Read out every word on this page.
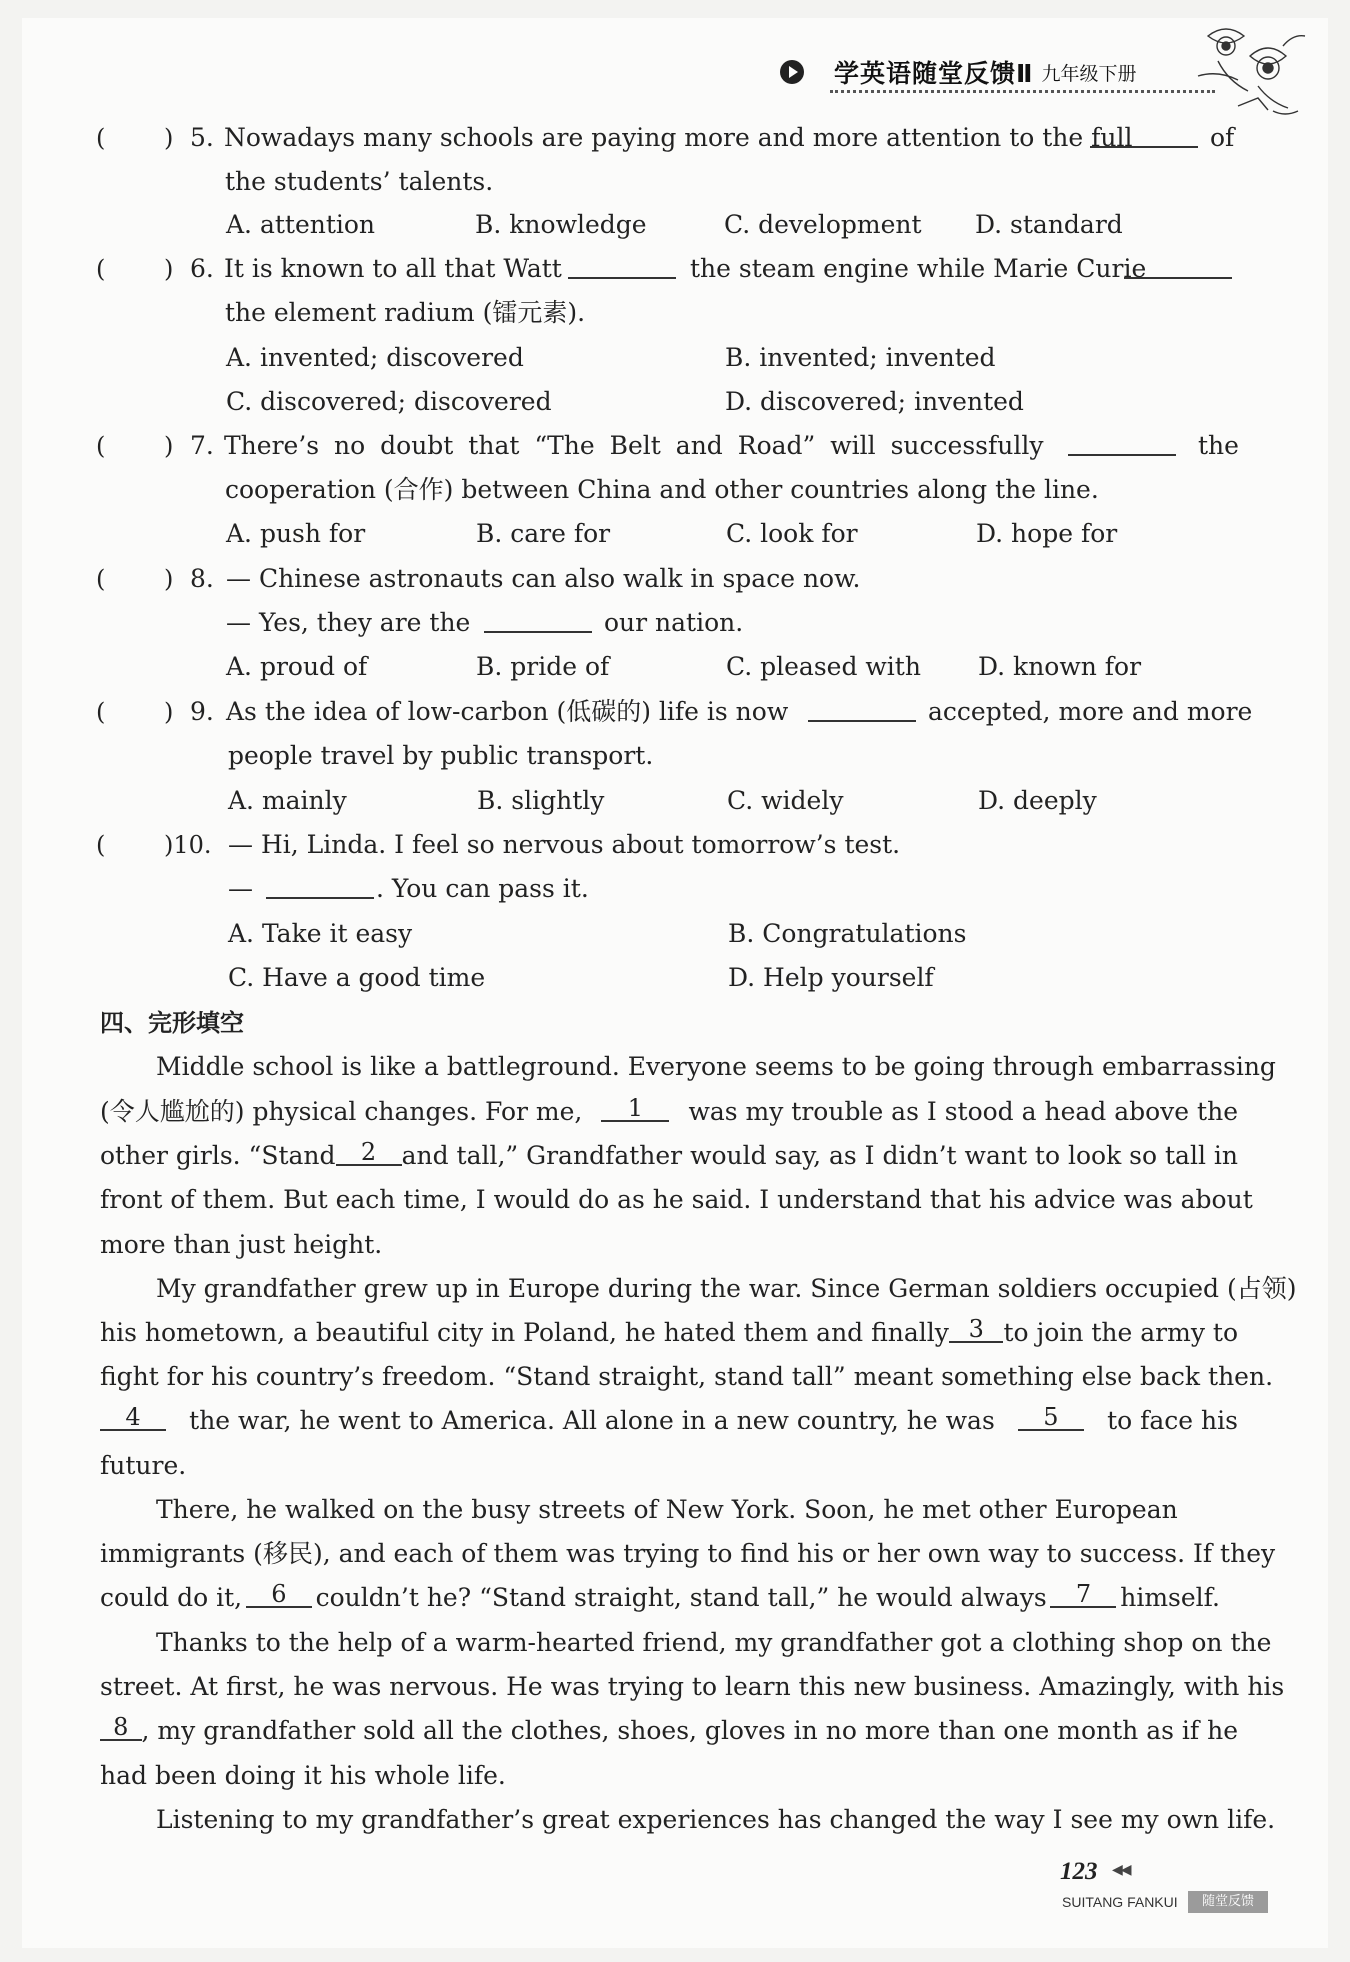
学英语随堂反馈Ⅱ 九年级下册
( ) 5. Nowadays many schools are paying more and more attention to the full	of
the students’ talents.
A. attention	B. knowledge	C. development D. standard
( ) 6. It is known to all that Watt	the steam engine while Marie Curie
the element radium (镭元素).
A. invented; discovered	B. invented; invented
C. discovered; discovered	D. discovered; invented
( ) 7. There’s no doubt that “The Belt and Road” will successfully	the
cooperation (合作) between China and other countries along the line.
A. push for	B. care for	C. look for	D. hope for
( ) 8. — Chinese astronauts can also walk in space now.
— Yes, they are the	our nation.
A. proud of	B. pride of	C. pleased with D. known for
( ) 9. As the idea of low-carbon (低碳的) life is now	accepted, more and more
people travel by public transport.
A. mainly	B. slightly	C. widely	D. deeply
( )10. — Hi, Linda. I feel so nervous about tomorrow’s test.
—	. You can pass it.
A. Take it easy	B. Congratulations
C. Have a good time	D. Help yourself
四、完形填空
Middle school is like a battleground. Everyone seems to be going through embarrassing
(令人尴尬的) physical changes. For me,	1	was my trouble as I stood a head above the
other girls. “Stand	2	and tall,” Grandfather would say, as I didn’t want to look so tall in
front of them. But each time, I would do as he said. I understand that his advice was about
more than just height.
My grandfather grew up in Europe during the war. Since German soldiers occupied (占领)
his hometown, a beautiful city in Poland, he hated them and finally 3 to join the army to
fight for his country’s freedom. “Stand straight, stand tall” meant something else back then.
4	the war, he went to America. All alone in a new country, he was	5	to face his
future.
There, he walked on the busy streets of New York. Soon, he met other European
immigrants (移民), and each of them was trying to find his or her own way to success. If they
could do it,	6	couldn’t he? “Stand straight, stand tall,” he would always	7	himself.
Thanks to the help of a warm-hearted friend, my grandfather got a clothing shop on the
street. At first, he was nervous. He was trying to learn this new business. Amazingly, with his
8 , my grandfather sold all the clothes, shoes, gloves in no more than one month as if he
had been doing it his whole life.
Listening to my grandfather’s great experiences has changed the way I see my own life.
123 ◀◀
SUITANG FANKUI	随堂反馈
